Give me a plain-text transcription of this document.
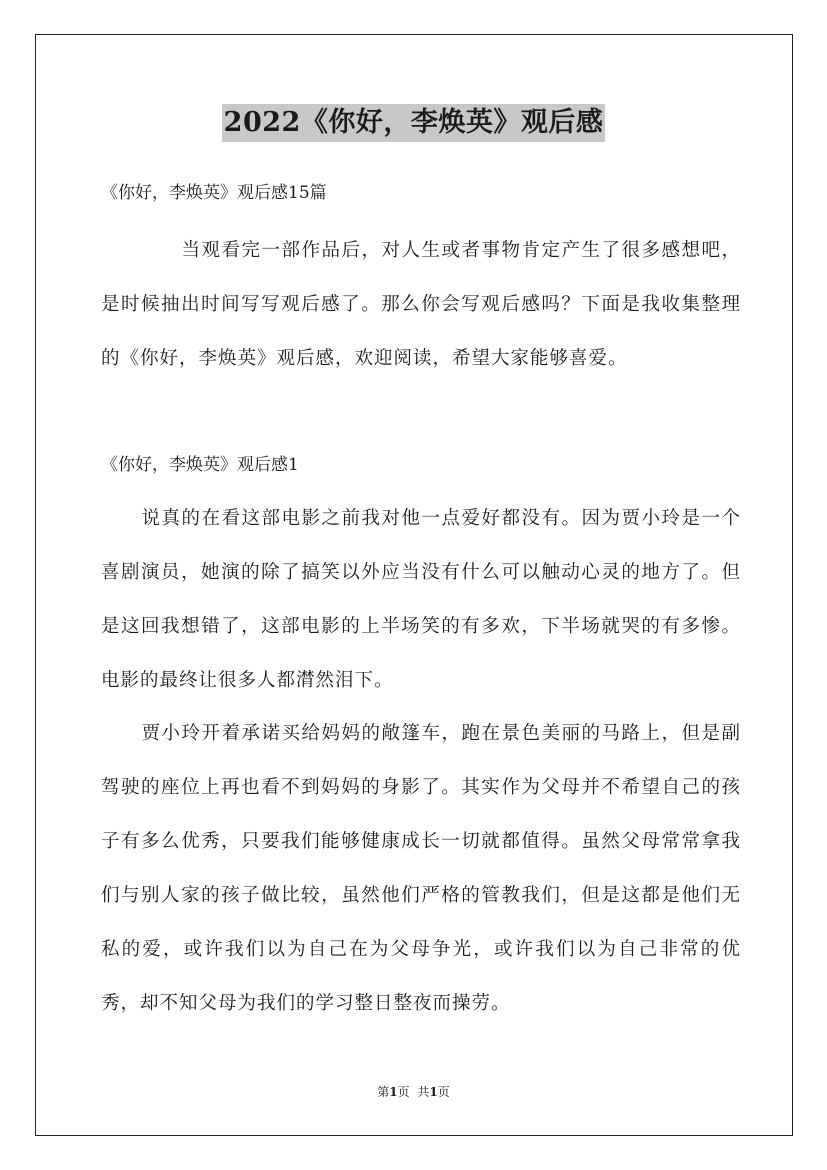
2022《你好，李焕英》观后感
《你好，李焕英》观后感15篇
当观看完一部作品后，对人生或者事物肯定产生了很多感想吧，是时候抽出时间写写观后感了。那么你会写观后感吗？下面是我收集整理的《你好，李焕英》观后感，欢迎阅读，希望大家能够喜爱。
《你好，李焕英》观后感1
说真的在看这部电影之前我对他一点爱好都没有。因为贾小玲是一个喜剧演员，她演的除了搞笑以外应当没有什么可以触动心灵的地方了。但是这回我想错了，这部电影的上半场笑的有多欢，下半场就哭的有多惨。电影的最终让很多人都潸然泪下。
贾小玲开着承诺买给妈妈的敞篷车，跑在景色美丽的马路上，但是副驾驶的座位上再也看不到妈妈的身影了。其实作为父母并不希望自己的孩子有多么优秀，只要我们能够健康成长一切就都值得。虽然父母常常拿我们与别人家的孩子做比较，虽然他们严格的管教我们，但是这都是他们无私的爱，或许我们以为自己在为父母争光，或许我们以为自己非常的优秀，却不知父母为我们的学习整日整夜而操劳。
第1页 共1页
